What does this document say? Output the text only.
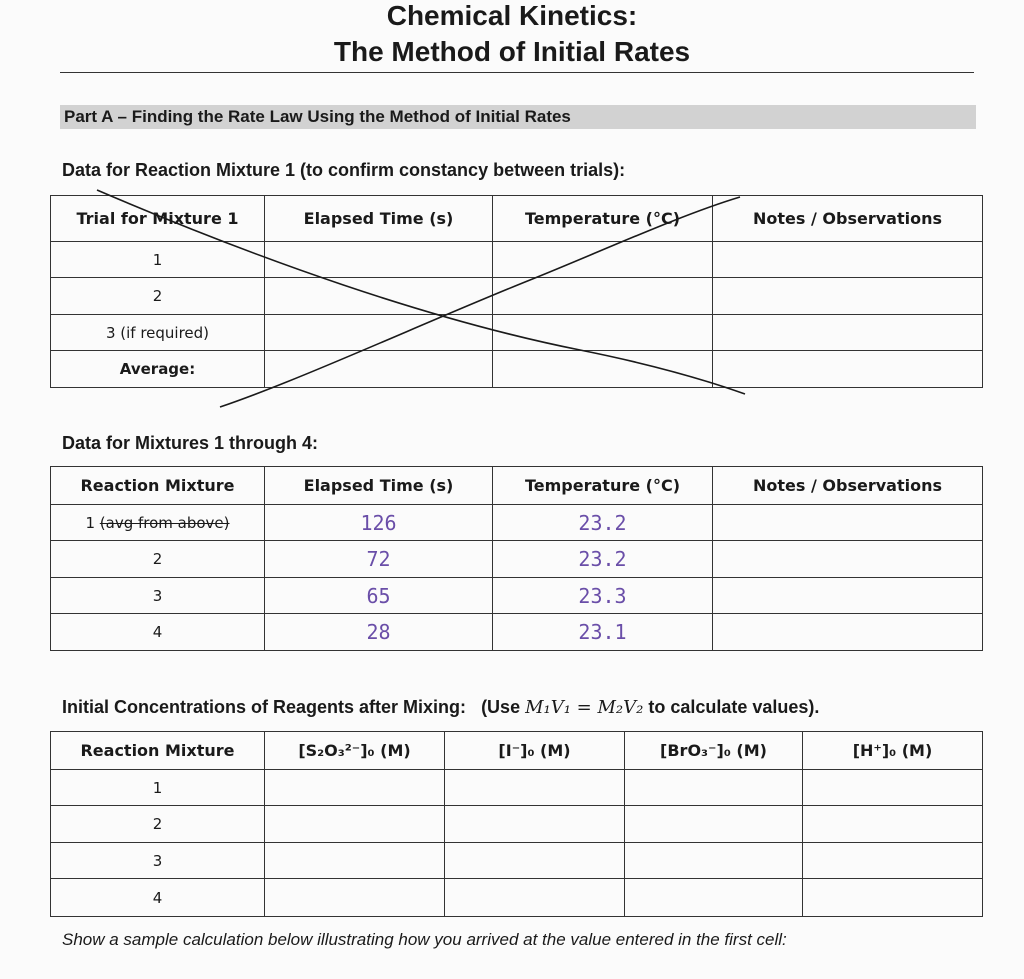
Chemical Kinetics:
The Method of Initial Rates
Part A – Finding the Rate Law Using the Method of Initial Rates
Data for Reaction Mixture 1 (to confirm constancy between trials):
Trial for Mixture 1	Elapsed Time (s)	Temperature (°C)	Notes / Observations
1			
2			
3 (if required)			
Average:			
Data for Mixtures 1 through 4:
Reaction Mixture	Elapsed Time (s)	Temperature (°C)	Notes / Observations
1 (avg from above)	126	23.2	
2	72	23.2	
3	65	23.3	
4	28	23.1	
Initial Concentrations of Reagents after Mixing: (Use M₁V₁ = M₂V₂ to calculate values).
Reaction Mixture	[S₂O₃²⁻]₀ (M)	[I⁻]₀ (M)	[BrO₃⁻]₀ (M)	[H⁺]₀ (M)
1				
2				
3				
4				
Show a sample calculation below illustrating how you arrived at the value entered in the first cell:
